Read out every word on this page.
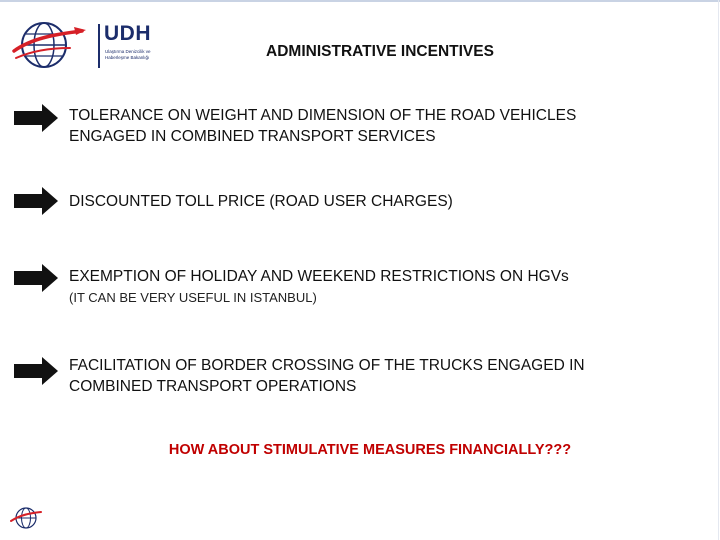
UDH
Ulaştırma Denizcilik ve Haberleşme Bakanlığı	ADMINISTRATIVE INCENTIVES
TOLERANCE ON WEIGHT AND DIMENSION OF THE ROAD VEHICLES
ENGAGED IN COMBINED TRANSPORT SERVICES
DISCOUNTED TOLL PRICE (ROAD USER CHARGES)
EXEMPTION OF HOLIDAY AND WEEKEND RESTRICTIONS ON HGVs
(IT CAN BE VERY USEFUL IN ISTANBUL)
FACILITATION OF BORDER CROSSING OF THE TRUCKS ENGAGED IN
COMBINED TRANSPORT OPERATIONS
HOW ABOUT STIMULATIVE MEASURES FINANCIALLY???
